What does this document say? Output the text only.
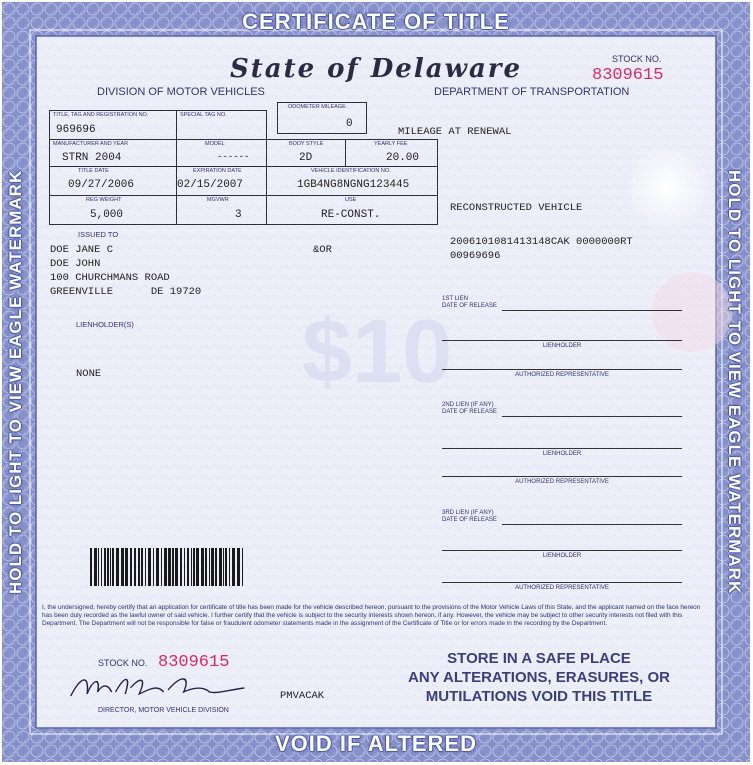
$10
CERTIFICATE OF TITLE
VOID IF ALTERED
HOLD TO LIGHT TO VIEW EAGLE WATERMARK	HOLD TO LIGHT TO VIEW EAGLE WATERMARK
State of Delaware	STOCK NO.
8309615
DIVISION OF MOTOR VEHICLES	DEPARTMENT OF TRANSPORTATION
TITLE, TAG AND REGISTRATION NO.
969696
SPECIAL TAG NO.
ODOMETER MILEAGE
0
MILEAGE AT RENEWAL
MANUFACTURER AND YEAR
STRN 2004
MODEL
------
BODY STYLE
2D
YEARLY FEE
20.00
TITLE DATE
09/27/2006
EXPIRATION DATE
02/15/2007
VEHICLE IDENTIFICATION NO.
1GB4NG8NGNG123445
REG WEIGHT
5,000
MGVWR
3
USE
RE-CONST.
RECONSTRUCTED VEHICLE
ISSUED TO
DOE JANE C
DOE JOHN
100 CHURCHMANS ROAD
GREENVILLE      DE 19720
&OR
2006101081413148CAK 0000000RT
00969696
LIENHOLDER(S)
NONE
1ST LIEN
DATE OF RELEASE
LIENHOLDER
AUTHORIZED REPRESENTATIVE
2ND LIEN (IF ANY)
DATE OF RELEASE
LIENHOLDER
AUTHORIZED REPRESENTATIVE
3RD LIEN (IF ANY)
DATE OF RELEASE
LIENHOLDER
AUTHORIZED REPRESENTATIVE
I, the undersigned, hereby certify that an application for certificate of title has been made for the vehicle described hereon, pursuant to the provisions of the Motor Vehicle Laws of this State, and the applicant named on the face hereon has been duly recorded as the lawful owner of said vehicle. I further certify that the vehicle is subject to the security interests shown hereon, if any. However, the vehicle may be subject to other security interests not filed with this Department. The Department will not be responsible for false or fraudulent odometer statements made in the assignment of the Certificate of Title or for errors made in the recording by the Department.
STOCK NO. 8309615
DIRECTOR, MOTOR VEHICLE DIVISION
PMVACAK
STORE IN A SAFE PLACE
ANY ALTERATIONS, ERASURES, OR
MUTILATIONS VOID THIS TITLE
